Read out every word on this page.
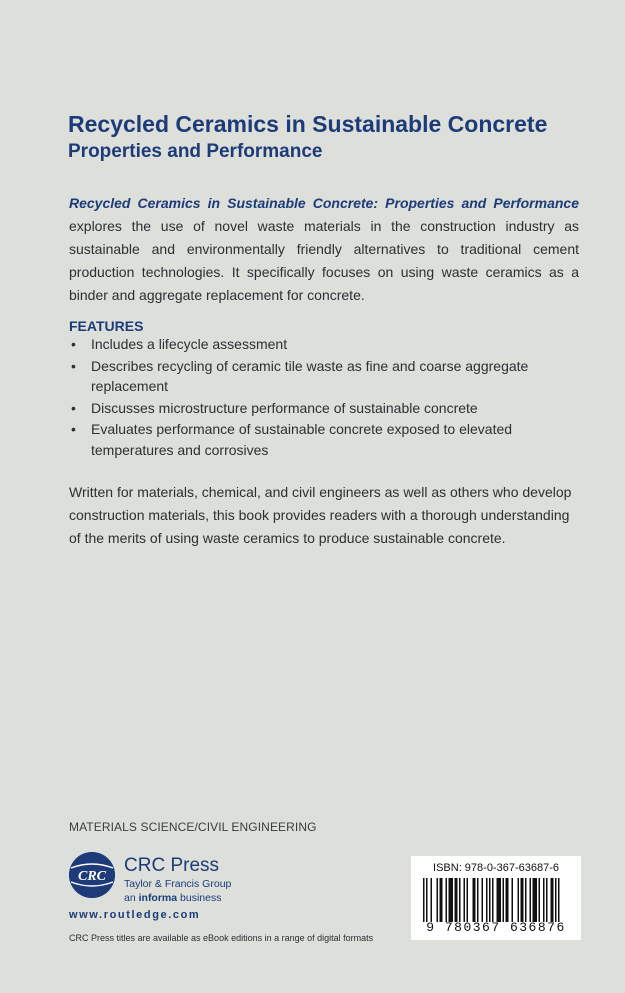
Recycled Ceramics in Sustainable Concrete
Properties and Performance
Recycled Ceramics in Sustainable Concrete: Properties and Performance explores the use of novel waste materials in the construction industry as sustainable and environmentally friendly alternatives to traditional cement production technologies. It specifically focuses on using waste ceramics as a binder and aggregate replacement for concrete.
FEATURES
• Includes a lifecycle assessment
• Describes recycling of ceramic tile waste as fine and coarse aggregate replacement
• Discusses microstructure performance of sustainable concrete
• Evaluates performance of sustainable concrete exposed to elevated temperatures and corrosives
Written for materials, chemical, and civil engineers as well as others who develop construction materials, this book provides readers with a thorough understanding of the merits of using waste ceramics to produce sustainable concrete.
MATERIALS SCIENCE/CIVIL ENGINEERING
CRC
CRC Press
Taylor & Francis Group
an informa business
www.routledge.com
CRC Press titles are available as eBook editions in a range of digital formats
ISBN: 978-0-367-63687-6
9 780367 636876
